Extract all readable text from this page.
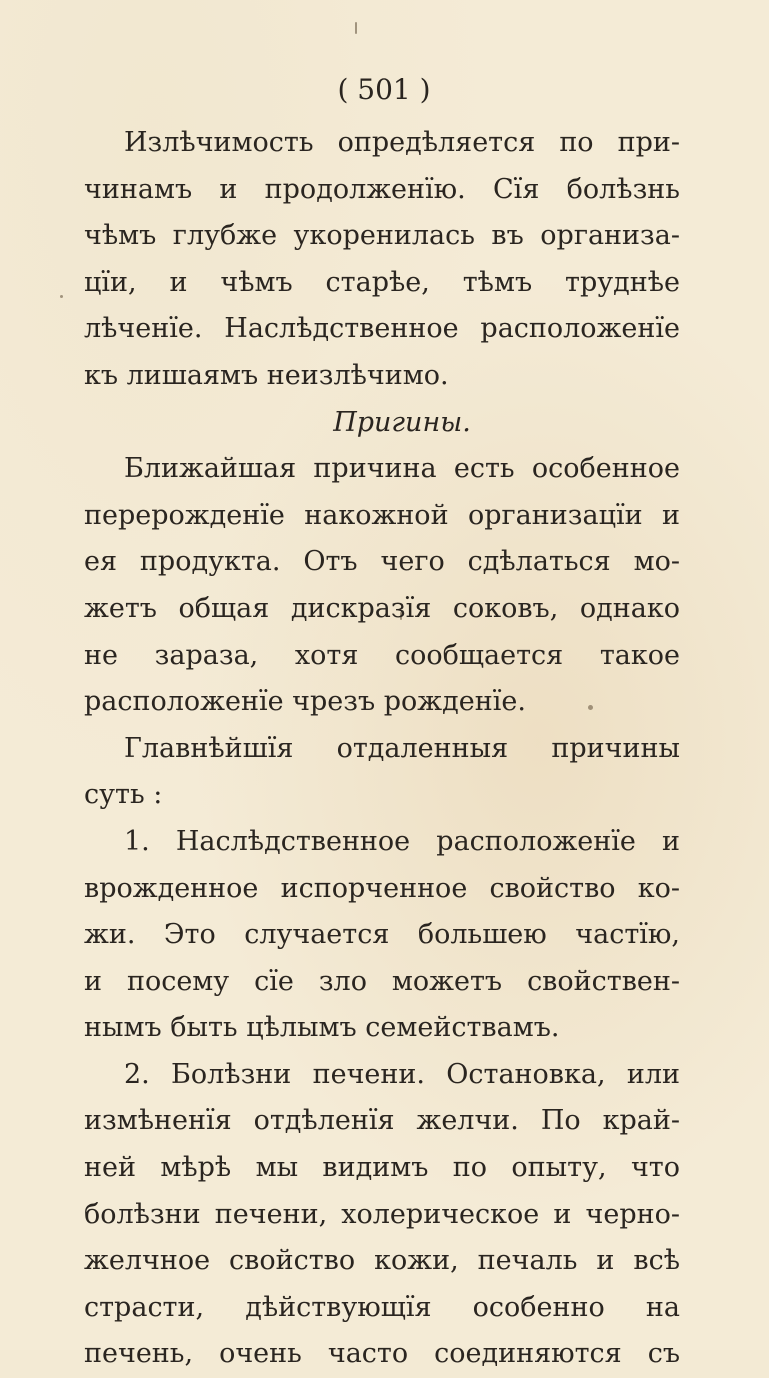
( 501 )
Излѣчимость опредѣляется по при-
чинамъ и продолженїю. Сїя болѣзнь
чѣмъ глубже укоренилась въ организа-
цїи, и чѣмъ старѣе, тѣмъ труднѣе
лѣченїе. Наслѣдственное расположенїе
къ лишаямъ неизлѣчимо.
Пригины.
Ближайшая причина есть особенное
перерожденїе накожной организацїи и
ея продукта. Отъ чего сдѣлаться мо-
жетъ общая дискразїя соковъ, однако
не зараза, хотя сообщается такое
расположенїе чрезъ рожденїе.
Главнѣйшїя отдаленныя причины
суть :
1. Наслѣдственное расположенїе и
врожденное испорченное свойство ко-
жи. Это случается большею частїю,
и посему сїе зло можетъ свойствен-
нымъ быть цѣлымъ семействамъ.
2. Болѣзни печени. Остановка, или
измѣненїя отдѣленїя желчи. По край-
ней мѣрѣ мы видимъ по опыту, что
болѣзни печени, холерическое и черно-
желчное свойство кожи, печаль и всѣ
страсти, дѣйствующїя особенно на
печень, очень часто соединяются съ
